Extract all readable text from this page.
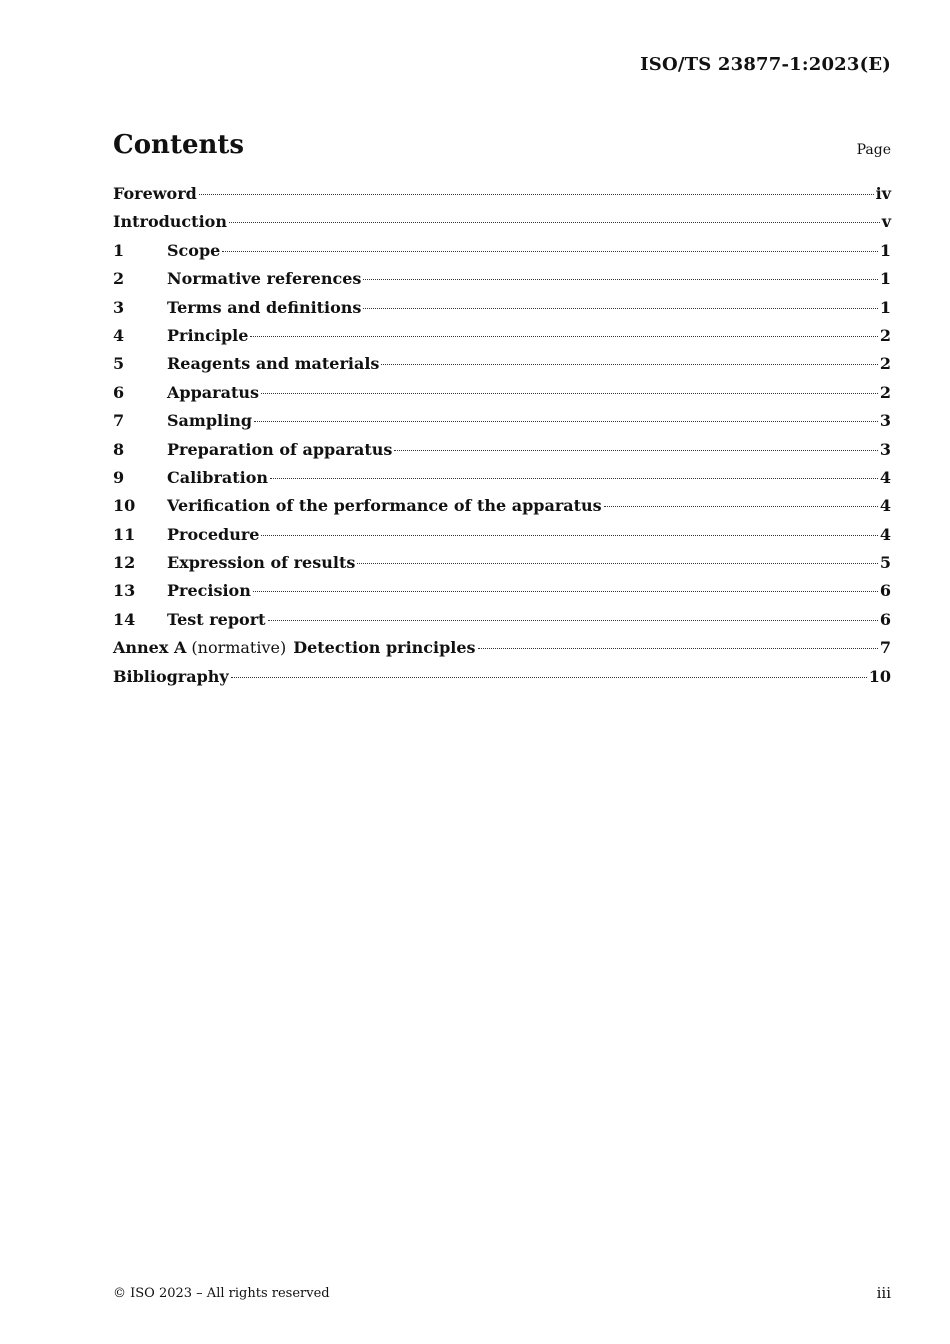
ISO/TS 23877-1:2023(E)
Contents	Page
Foreword	iv
Introduction	v
1	Scope	1
2	Normative references	1
3	Terms and definitions	1
4	Principle	2
5	Reagents and materials	2
6	Apparatus	2
7	Sampling	3
8	Preparation of apparatus	3
9	Calibration	4
10	Verification of the performance of the apparatus	4
11	Procedure	4
12	Expression of results	5
13	Precision	6
14	Test report	6
Annex A (normative) Detection principles	7
Bibliography	10
© ISO 2023 – All rights reserved	iii
